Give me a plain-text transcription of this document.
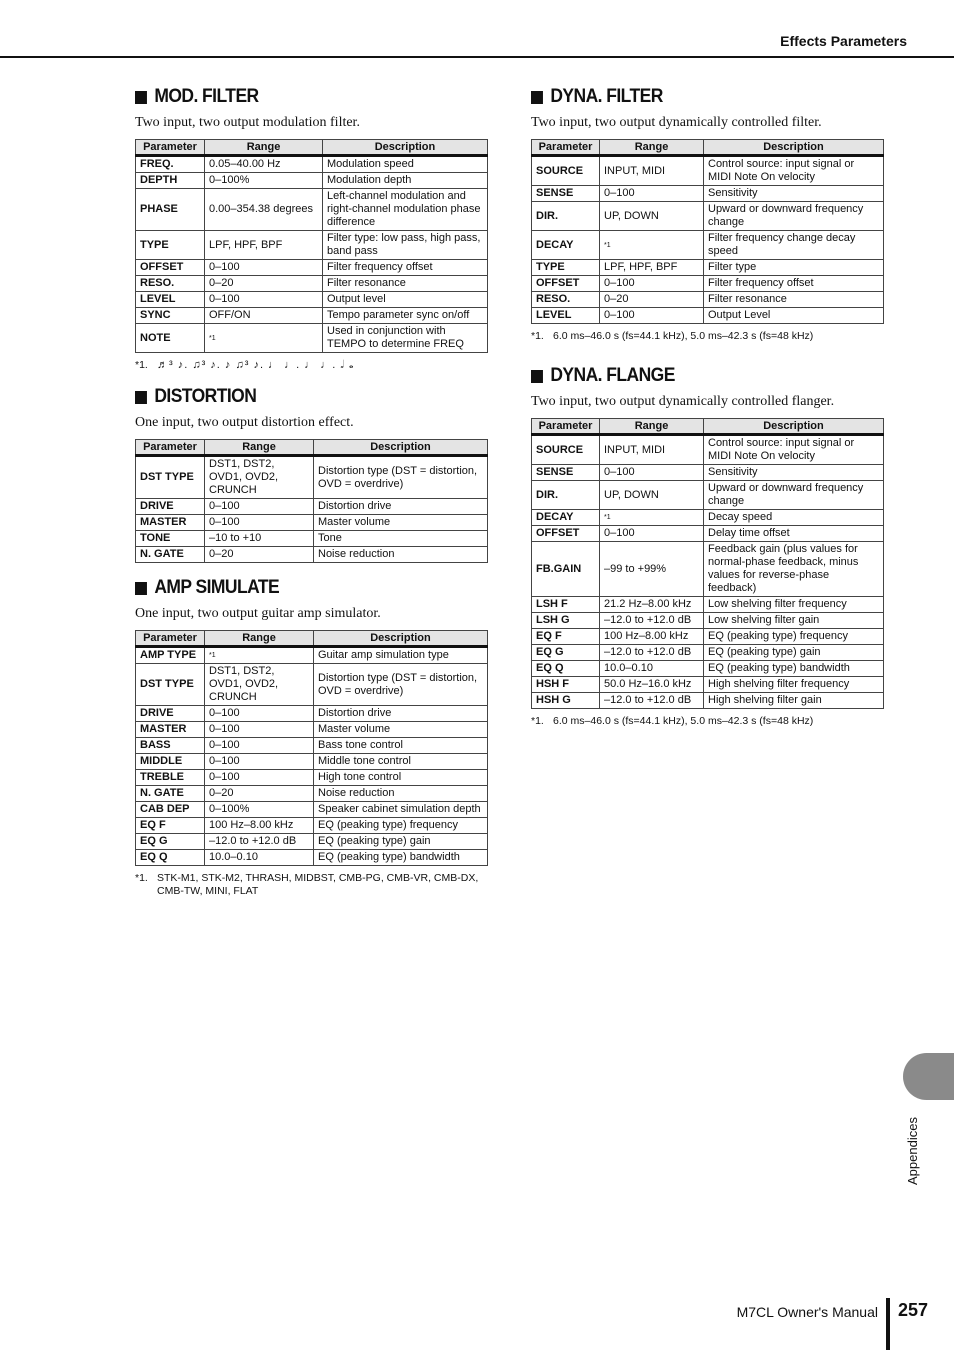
Effects Parameters
MOD. FILTER
Two input, two output modulation filter.
Parameter	Range	Description
FREQ.	0.05–40.00 Hz	Modulation speed
DEPTH	0–100%	Modulation depth
PHASE	0.00–354.38 degrees	Left-channel modulation and right-channel modulation phase difference
TYPE	LPF, HPF, BPF	Filter type: low pass, high pass, band pass
OFFSET	0–100	Filter frequency offset
RESO.	0–20	Filter resonance
LEVEL	0–100	Output level
SYNC	OFF/ON	Tempo parameter sync on/off
NOTE	$^{*1}$	Used in conjunction with TEMPO to determine FREQ
*1. ♬³ ♪. ♫³ ♪. ♪ ♫³ ♪. ♩ ♩. ♩ ♩. 𝅗𝅥 𝅝
DISTORTION
One input, two output distortion effect.
Parameter	Range	Description
DST TYPE	DST1, DST2, OVD1, OVD2, CRUNCH	Distortion type (DST = distortion, OVD = overdrive)
DRIVE	0–100	Distortion drive
MASTER	0–100	Master volume
TONE	–10 to +10	Tone
N. GATE	0–20	Noise reduction
AMP SIMULATE
One input, two output guitar amp simulator.
Parameter	Range	Description
AMP TYPE	$^{*1}$	Guitar amp simulation type
DST TYPE	DST1, DST2, OVD1, OVD2, CRUNCH	Distortion type (DST = distortion, OVD = overdrive)
DRIVE	0–100	Distortion drive
MASTER	0–100	Master volume
BASS	0–100	Bass tone control
MIDDLE	0–100	Middle tone control
TREBLE	0–100	High tone control
N. GATE	0–20	Noise reduction
CAB DEP	0–100%	Speaker cabinet simulation depth
EQ F	100 Hz–8.00 kHz	EQ (peaking type) frequency
EQ G	–12.0 to +12.0 dB	EQ (peaking type) gain
EQ Q	10.0–0.10	EQ (peaking type) bandwidth
*1. STK-M1, STK-M2, THRASH, MIDBST, CMB-PG, CMB-VR, CMB-DX, CMB-TW, MINI, FLAT
DYNA. FILTER
Two input, two output dynamically controlled filter.
Parameter	Range	Description
SOURCE	INPUT, MIDI	Control source: input signal or MIDI Note On velocity
SENSE	0–100	Sensitivity
DIR.	UP, DOWN	Upward or downward frequency change
DECAY	$^{*1}$	Filter frequency change decay speed
TYPE	LPF, HPF, BPF	Filter type
OFFSET	0–100	Filter frequency offset
RESO.	0–20	Filter resonance
LEVEL	0–100	Output Level
*1. 6.0 ms–46.0 s (fs=44.1 kHz), 5.0 ms–42.3 s (fs=48 kHz)
DYNA. FLANGE
Two input, two output dynamically controlled flanger.
Parameter	Range	Description
SOURCE	INPUT, MIDI	Control source: input signal or MIDI Note On velocity
SENSE	0–100	Sensitivity
DIR.	UP, DOWN	Upward or downward frequency change
DECAY	$^{*1}$	Decay speed
OFFSET	0–100	Delay time offset
FB.GAIN	–99 to +99%	Feedback gain (plus values for normal-phase feedback, minus values for reverse-phase feedback)
LSH F	21.2 Hz–8.00 kHz	Low shelving filter frequency
LSH G	–12.0 to +12.0 dB	Low shelving filter gain
EQ F	100 Hz–8.00 kHz	EQ (peaking type) frequency
EQ G	–12.0 to +12.0 dB	EQ (peaking type) gain
EQ Q	10.0–0.10	EQ (peaking type) bandwidth
HSH F	50.0 Hz–16.0 kHz	High shelving filter frequency
HSH G	–12.0 to +12.0 dB	High shelving filter gain
*1. 6.0 ms–46.0 s (fs=44.1 kHz), 5.0 ms–42.3 s (fs=48 kHz)
Appendices
M7CL Owner's Manual 257
